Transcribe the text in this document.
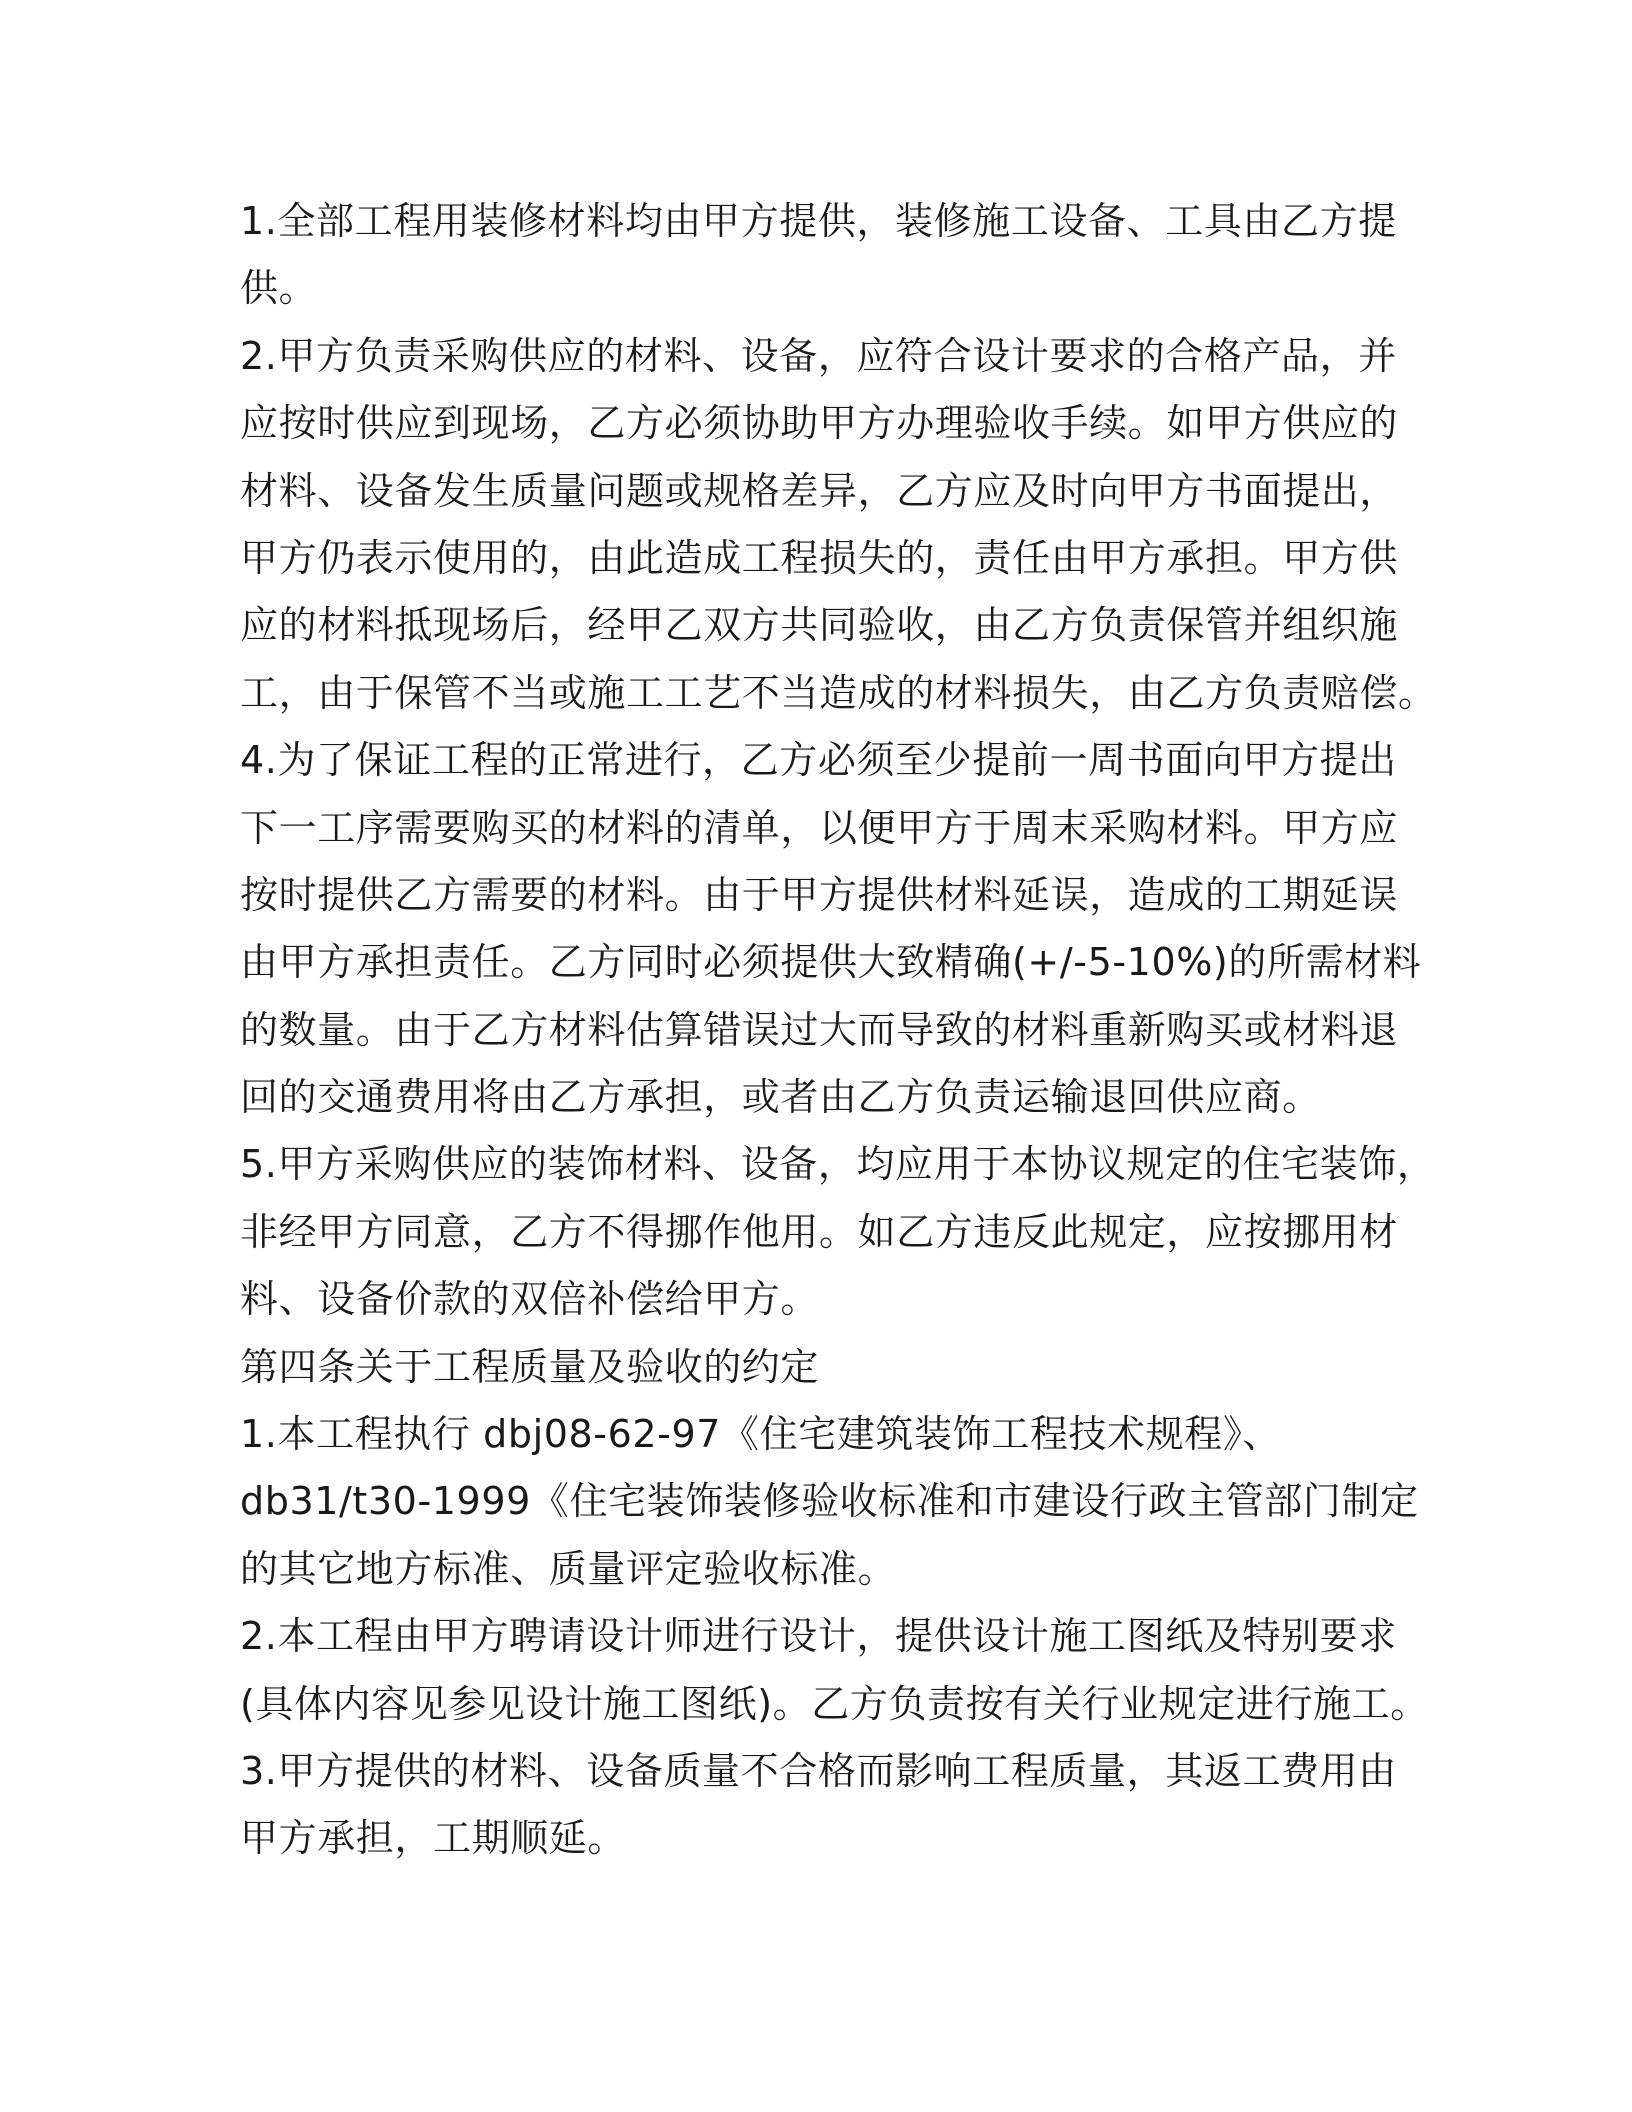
1.全部工程用装修材料均由甲方提供，装修施工设备、工具由乙方提
供。
2.甲方负责采购供应的材料、设备，应符合设计要求的合格产品，并
应按时供应到现场，乙方必须协助甲方办理验收手续。如甲方供应的
材料、设备发生质量问题或规格差异，乙方应及时向甲方书面提出，
甲方仍表示使用的，由此造成工程损失的，责任由甲方承担。甲方供
应的材料抵现场后，经甲乙双方共同验收，由乙方负责保管并组织施
工，由于保管不当或施工工艺不当造成的材料损失，由乙方负责赔偿。
4.为了保证工程的正常进行，乙方必须至少提前一周书面向甲方提出
下一工序需要购买的材料的清单，以便甲方于周末采购材料。甲方应
按时提供乙方需要的材料。由于甲方提供材料延误，造成的工期延误
由甲方承担责任。乙方同时必须提供大致精确(+/-5-10%)的所需材料
的数量。由于乙方材料估算错误过大而导致的材料重新购买或材料退
回的交通费用将由乙方承担，或者由乙方负责运输退回供应商。
5.甲方采购供应的装饰材料、设备，均应用于本协议规定的住宅装饰，
非经甲方同意，乙方不得挪作他用。如乙方违反此规定，应按挪用材
料、设备价款的双倍补偿给甲方。
第四条关于工程质量及验收的约定
1.本工程执行 dbj08-62-97《住宅建筑装饰工程技术规程》、
db31/t30-1999《住宅装饰装修验收标准和市建设行政主管部门制定
的其它地方标准、质量评定验收标准。
2.本工程由甲方聘请设计师进行设计，提供设计施工图纸及特别要求
(具体内容见参见设计施工图纸)。乙方负责按有关行业规定进行施工。
3.甲方提供的材料、设备质量不合格而影响工程质量，其返工费用由
甲方承担，工期顺延。
